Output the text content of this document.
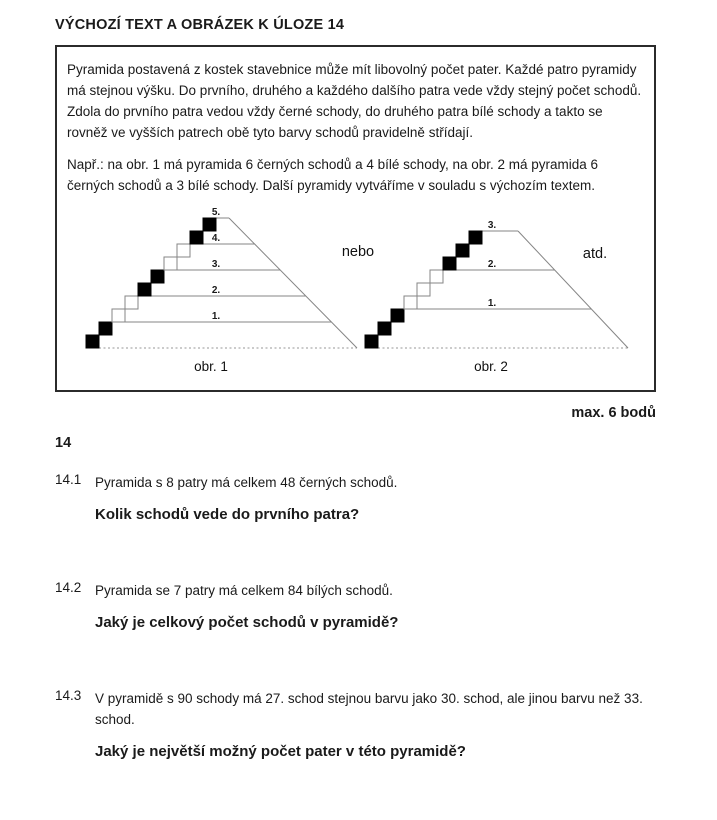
VÝCHOZÍ TEXT A OBRÁZEK K ÚLOZE 14

Pyramida postavená z kostek stavebnice může mít libovolný počet pater. Každé patro pyramidy má stejnou výšku. Do prvního, druhého a každého dalšího patra vede vždy stejný počet schodů. Zdola do prvního patra vedou vždy černé schody, do druhého patra bílé schody a takto se rovněž ve vyšších patrech obě tyto barvy schodů pravidelně střídají.

Např.: na obr. 1 má pyramida 6 černých schodů a 4 bílé schody, na obr. 2 má pyramida 6 černých schodů a 3 bílé schody. Další pyramidy vytváříme v souladu s výchozím textem.

1.
2.
3.
4.
5.
obr. 1
1.
2.
3.
obr. 2
nebo	atd.
max. 6 bodů
14
14.1	Pyramida s 8 patry má celkem 48 černých schodů.

Kolik schodů vede do prvního patra?

14.2	Pyramida se 7 patry má celkem 84 bílých schodů.

Jaký je celkový počet schodů v pyramidě?

14.3	V pyramidě s 90 schody má 27. schod stejnou barvu jako 30. schod, ale jinou barvu než 33. schod.

Jaký je největší možný počet pater v této pyramidě?
